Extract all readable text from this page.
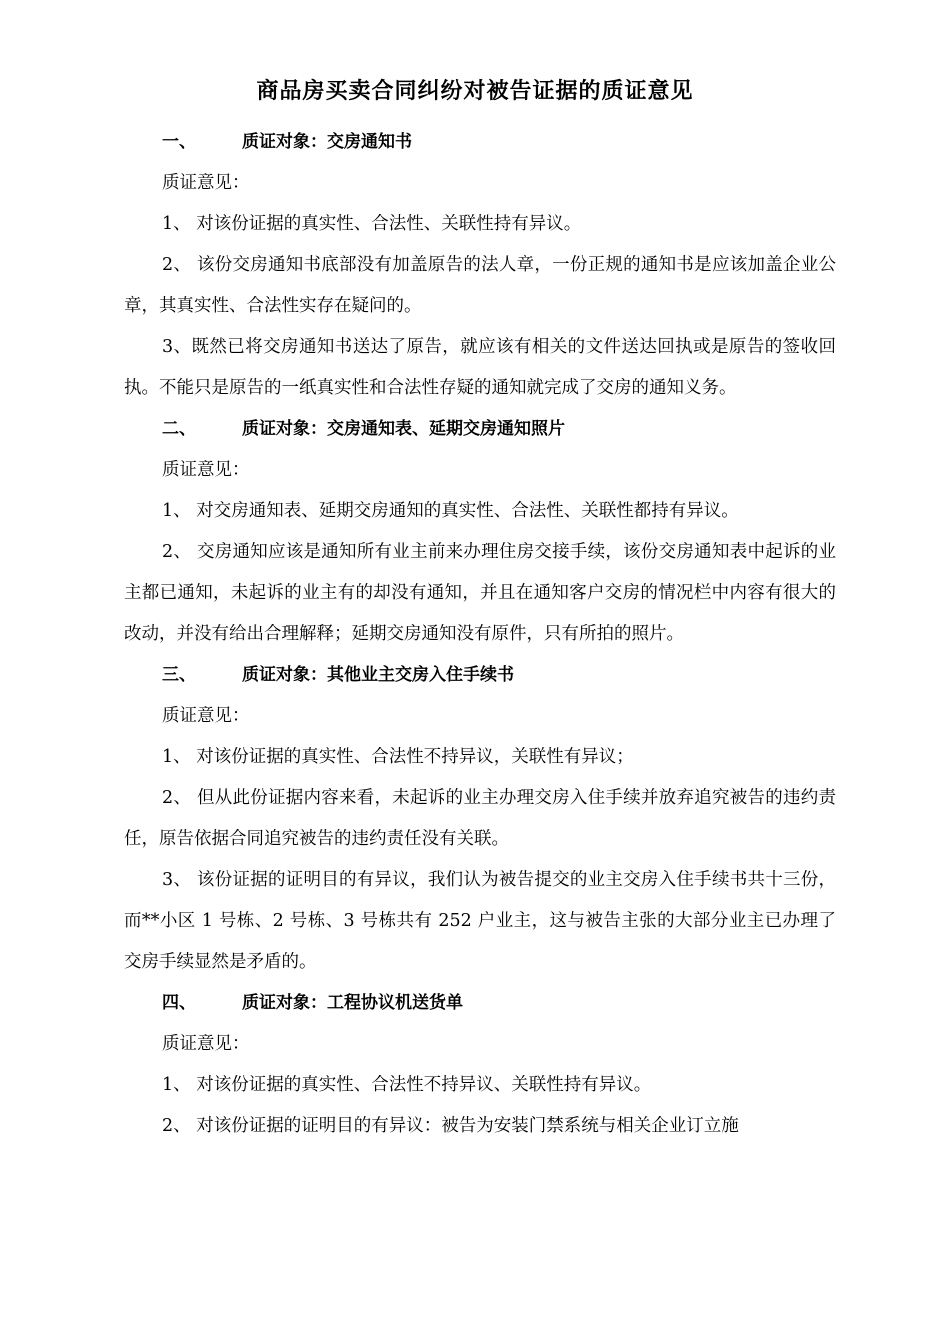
商品房买卖合同纠纷对被告证据的质证意见
一、	质证对象：交房通知书

质证意见：

1、 对该份证据的真实性、合法性、关联性持有异议。

2、 该份交房通知书底部没有加盖原告的法人章，一份正规的通知书是应该加盖企业公章，其真实性、合法性实存在疑问的。

3、既然已将交房通知书送达了原告，就应该有相关的文件送达回执或是原告的签收回执。不能只是原告的一纸真实性和合法性存疑的通知就完成了交房的通知义务。

二、	质证对象：交房通知表、延期交房通知照片

质证意见：

1、 对交房通知表、延期交房通知的真实性、合法性、关联性都持有异议。

2、 交房通知应该是通知所有业主前来办理住房交接手续，该份交房通知表中起诉的业主都已通知，未起诉的业主有的却没有通知，并且在通知客户交房的情况栏中内容有很大的改动，并没有给出合理解释；延期交房通知没有原件，只有所拍的照片。

三、	质证对象：其他业主交房入住手续书

质证意见：

1、 对该份证据的真实性、合法性不持异议，关联性有异议；

2、 但从此份证据内容来看，未起诉的业主办理交房入住手续并放弃追究被告的违约责任，原告依据合同追究被告的违约责任没有关联。

3、 该份证据的证明目的有异议，我们认为被告提交的业主交房入住手续书共十三份，而**小区 1 号栋、2 号栋、3 号栋共有 252 户业主，这与被告主张的大部分业主已办理了交房手续显然是矛盾的。

四、	质证对象：工程协议机送货单

质证意见：

1、 对该份证据的真实性、合法性不持异议、关联性持有异议。

2、 对该份证据的证明目的有异议：被告为安装门禁系统与相关企业订立施
